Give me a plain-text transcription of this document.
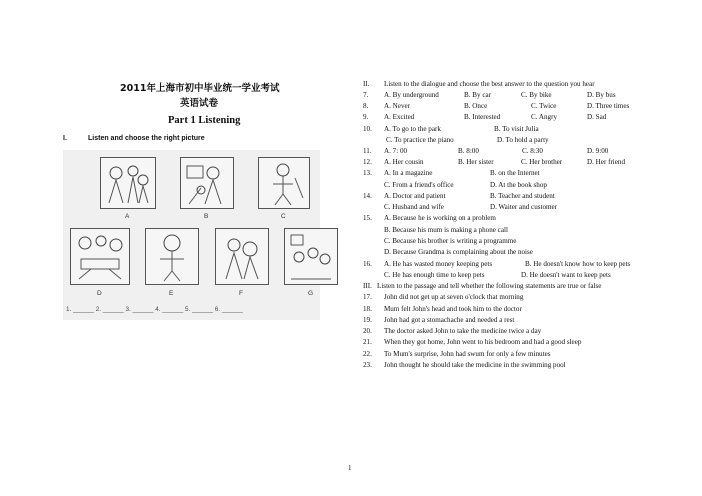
2011年上海市初中毕业统一学业考试
英语试卷
Part 1 Listening
I.	Listen and choose the right picture
A	B	C
D	E	F	G
1. ______ 2. ______ 3. ______ 4. ______ 5. ______ 6. ______
II. Listen to the dialogue and choose the best answer to the question you hear
7. A. By underground	B. By car	C. By bike	D. By bus
8. A. Never	B. Once	C. Twice	D. Three times
9. A. Excited	B. Interested	C. Angry	D. Sad
10. A. To go to the park	B. To visit Julia
C. To practice the piano	D. To hold a party
11. A. 7: 00	B. 8:00	C. 8:30	D. 9:00
12. A. Her cousin	B. Her sister	C. Her brother	D. Her friend
13. A. In a magazine	B. on the Internet
C. From a friend's office	D. At the book shop
14. A. Doctor and patient	B. Teacher and student
C. Husband and wife	D. Waiter and customer
15. A. Because he is working on a problem
B. Because his mum is making a phone call
C. Because his brother is writing a programme
D. Because Grandma is complaining about the noise
16. A. He has wasted money keeping pets	B. He doesn't know how to keep pets
C. He has enough time to keep pets	D. He doesn't want to keep pets
III. Listen to the passage and tell whether the following statements are true or false
17. John did not get up at seven o'clock that morning
18. Mum felt John's head and took him to the doctor
19. John had got a stomachache and needed a rest
20. The doctor asked John to take the medicine twice a day
21. When they got home, John went to his bedroom and had a good sleep
22. To Mum's surprise, John had swum for only a few minutes
23. John thought he should take the medicine in the swimming pool
1
